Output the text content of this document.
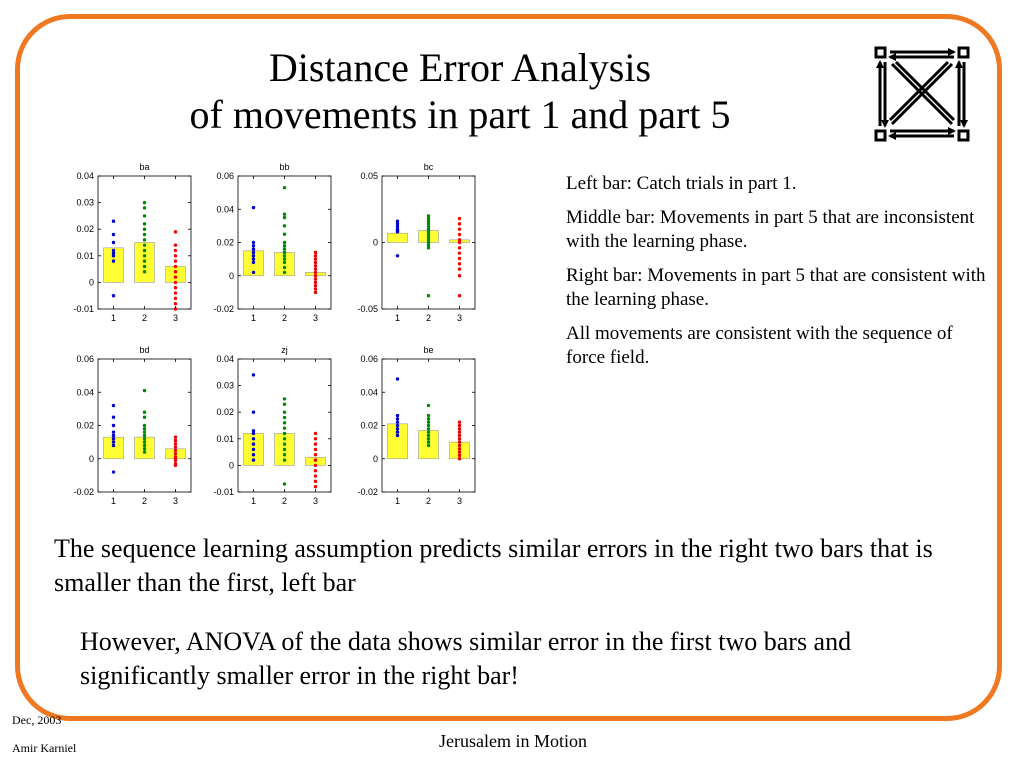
Distance Error Analysis
of movements in part 1 and part 5
ba
-0.01
0
0.01
0.02
0.03
0.04
1	2	3
bb
-0.02
0
0.02
0.04
0.06
1	2	3
bc
-0.05
0
0.05
1	2	3
bd
-0.02
0
0.02
0.04
0.06
1	2	3
zj
-0.01
0
0.01
0.02
0.03
0.04
1	2	3
be
-0.02
0
0.02
0.04
0.06
1	2	3

Left bar: Catch trials in part 1.

Middle bar: Movements in part 5 that are inconsistent with the learning phase.

Right bar: Movements in part 5 that are consistent with the learning phase.

All movements are consistent with the sequence of force field.

The sequence learning assumption predicts similar errors in the right two bars that is smaller than the first, left bar
However, ANOVA of the data shows similar error in the first two bars and significantly smaller error in the right bar!
Dec, 2003
Amir Karniel	Jerusalem in Motion
